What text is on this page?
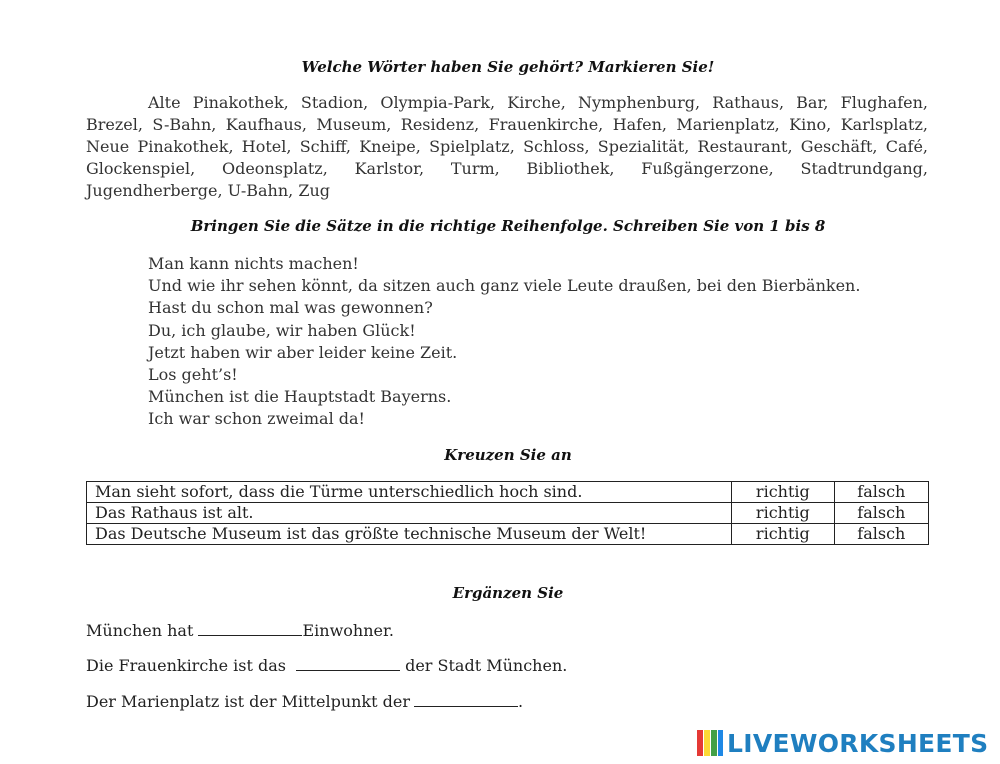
Welche Wörter haben Sie gehört? Markieren Sie!
Alte Pinakothek, Stadion, Olympia-Park, Kirche, Nymphenburg, Rathaus, Bar, Flughafen, Brezel, S-Bahn, Kaufhaus, Museum, Residenz, Frauenkirche, Hafen, Marienplatz, Kino, Karlsplatz, Neue Pinakothek, Hotel, Schiff, Kneipe, Spielplatz, Schloss, Spezialität, Restaurant, Geschäft, Café, Glockenspiel, Odeonsplatz, Karlstor, Turm, Bibliothek, Fußgängerzone, Stadtrundgang, Jugendherberge, U-Bahn, Zug
Bringen Sie die Sätze in die richtige Reihenfolge. Schreiben Sie von 1 bis 8
Man kann nichts machen!
Und wie ihr sehen könnt, da sitzen auch ganz viele Leute draußen, bei den Bierbänken.
Hast du schon mal was gewonnen?
Du, ich glaube, wir haben Glück!
Jetzt haben wir aber leider keine Zeit.
Los geht’s!
München ist die Hauptstadt Bayerns.
Ich war schon zweimal da!
Kreuzen Sie an
Man sieht sofort, dass die Türme unterschiedlich hoch sind.	richtig	falsch
Das Rathaus ist alt.	richtig	falsch
Das Deutsche Museum ist das größte technische Museum der Welt!	richtig	falsch
Ergänzen Sie
München hat	Einwohner.
Die Frauenkirche ist das	der Stadt München.
Der Marienplatz ist der Mittelpunkt der	.
LIVEWORKSHEETS
